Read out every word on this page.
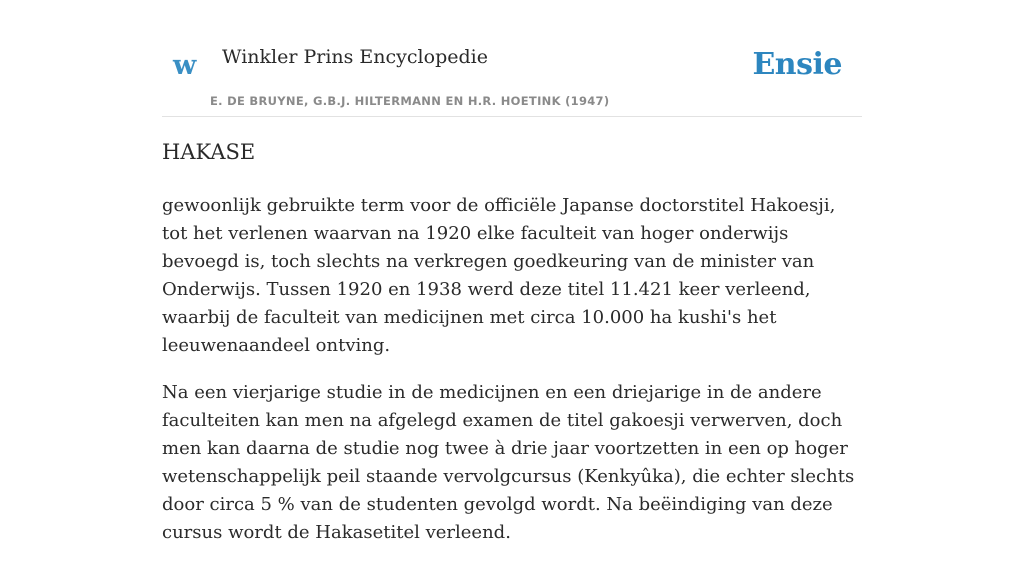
w Winkler Prins Encyclopedie
E. DE BRUYNE, G.B.J. HILTERMANN EN H.R. HOETINK (1947)
Ensie
HAKASE

gewoonlijk gebruikte term voor de officiële Japanse doctorstitel Hakoesji, tot het verlenen waarvan na 1920 elke faculteit van hoger onderwijs bevoegd is, toch slechts na verkregen goedkeuring van de minister van Onderwijs. Tussen 1920 en 1938 werd deze titel 11.421 keer verleend, waarbij de faculteit van medicijnen met circa 10.000 ha kushi's het leeuwenaandeel ontving.

Na een vierjarige studie in de medicijnen en een driejarige in de andere faculteiten kan men na afgelegd examen de titel gakoesji verwerven, doch men kan daarna de studie nog twee à drie jaar voortzetten in een op hoger wetenschappelijk peil staande vervolgcursus (Kenkyûka), die echter slechts door circa 5 % van de studenten gevolgd wordt. Na beëindiging van deze cursus wordt de Hakasetitel verleend.
